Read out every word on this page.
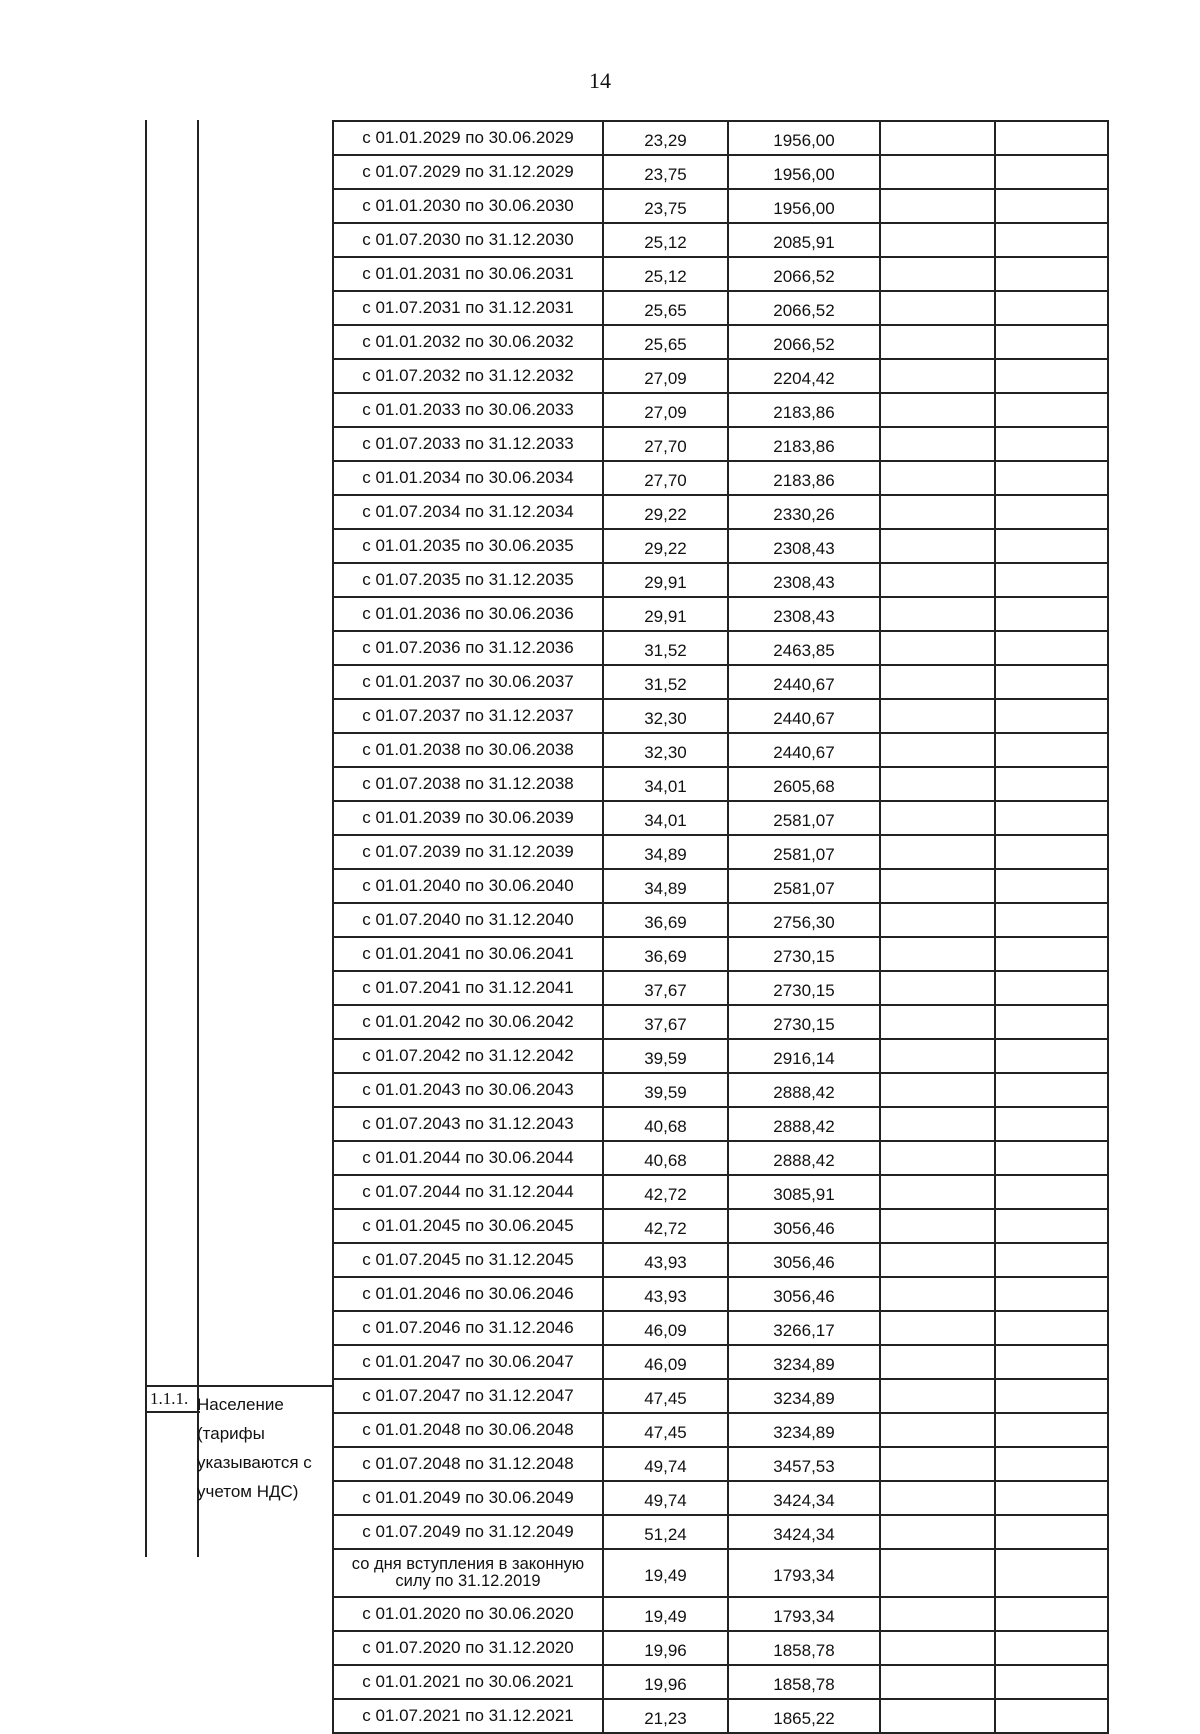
14
1.1.1. Население
(тарифы
указываются с
учетом НДС)
с 01.01.2029 по 30.06.2029	23,29	1956,00		
с 01.07.2029 по 31.12.2029	23,75	1956,00		
с 01.01.2030 по 30.06.2030	23,75	1956,00		
с 01.07.2030 по 31.12.2030	25,12	2085,91		
с 01.01.2031 по 30.06.2031	25,12	2066,52		
с 01.07.2031 по 31.12.2031	25,65	2066,52		
с 01.01.2032 по 30.06.2032	25,65	2066,52		
с 01.07.2032 по 31.12.2032	27,09	2204,42		
с 01.01.2033 по 30.06.2033	27,09	2183,86		
с 01.07.2033 по 31.12.2033	27,70	2183,86		
с 01.01.2034 по 30.06.2034	27,70	2183,86		
с 01.07.2034 по 31.12.2034	29,22	2330,26		
с 01.01.2035 по 30.06.2035	29,22	2308,43		
с 01.07.2035 по 31.12.2035	29,91	2308,43		
с 01.01.2036 по 30.06.2036	29,91	2308,43		
с 01.07.2036 по 31.12.2036	31,52	2463,85		
с 01.01.2037 по 30.06.2037	31,52	2440,67		
с 01.07.2037 по 31.12.2037	32,30	2440,67		
с 01.01.2038 по 30.06.2038	32,30	2440,67		
с 01.07.2038 по 31.12.2038	34,01	2605,68		
с 01.01.2039 по 30.06.2039	34,01	2581,07		
с 01.07.2039 по 31.12.2039	34,89	2581,07		
с 01.01.2040 по 30.06.2040	34,89	2581,07		
с 01.07.2040 по 31.12.2040	36,69	2756,30		
с 01.01.2041 по 30.06.2041	36,69	2730,15		
с 01.07.2041 по 31.12.2041	37,67	2730,15		
с 01.01.2042 по 30.06.2042	37,67	2730,15		
с 01.07.2042 по 31.12.2042	39,59	2916,14		
с 01.01.2043 по 30.06.2043	39,59	2888,42		
с 01.07.2043 по 31.12.2043	40,68	2888,42		
с 01.01.2044 по 30.06.2044	40,68	2888,42		
с 01.07.2044 по 31.12.2044	42,72	3085,91		
с 01.01.2045 по 30.06.2045	42,72	3056,46		
с 01.07.2045 по 31.12.2045	43,93	3056,46		
с 01.01.2046 по 30.06.2046	43,93	3056,46		
с 01.07.2046 по 31.12.2046	46,09	3266,17		
с 01.01.2047 по 30.06.2047	46,09	3234,89		
с 01.07.2047 по 31.12.2047	47,45	3234,89		
с 01.01.2048 по 30.06.2048	47,45	3234,89		
с 01.07.2048 по 31.12.2048	49,74	3457,53		
с 01.01.2049 по 30.06.2049	49,74	3424,34		
с 01.07.2049 по 31.12.2049	51,24	3424,34		
со дня вступления в законную силу по 31.12.2019	19,49	1793,34		
с 01.01.2020 по 30.06.2020	19,49	1793,34		
с 01.07.2020 по 31.12.2020	19,96	1858,78		
с 01.01.2021 по 30.06.2021	19,96	1858,78		
с 01.07.2021 по 31.12.2021	21,23	1865,22		
